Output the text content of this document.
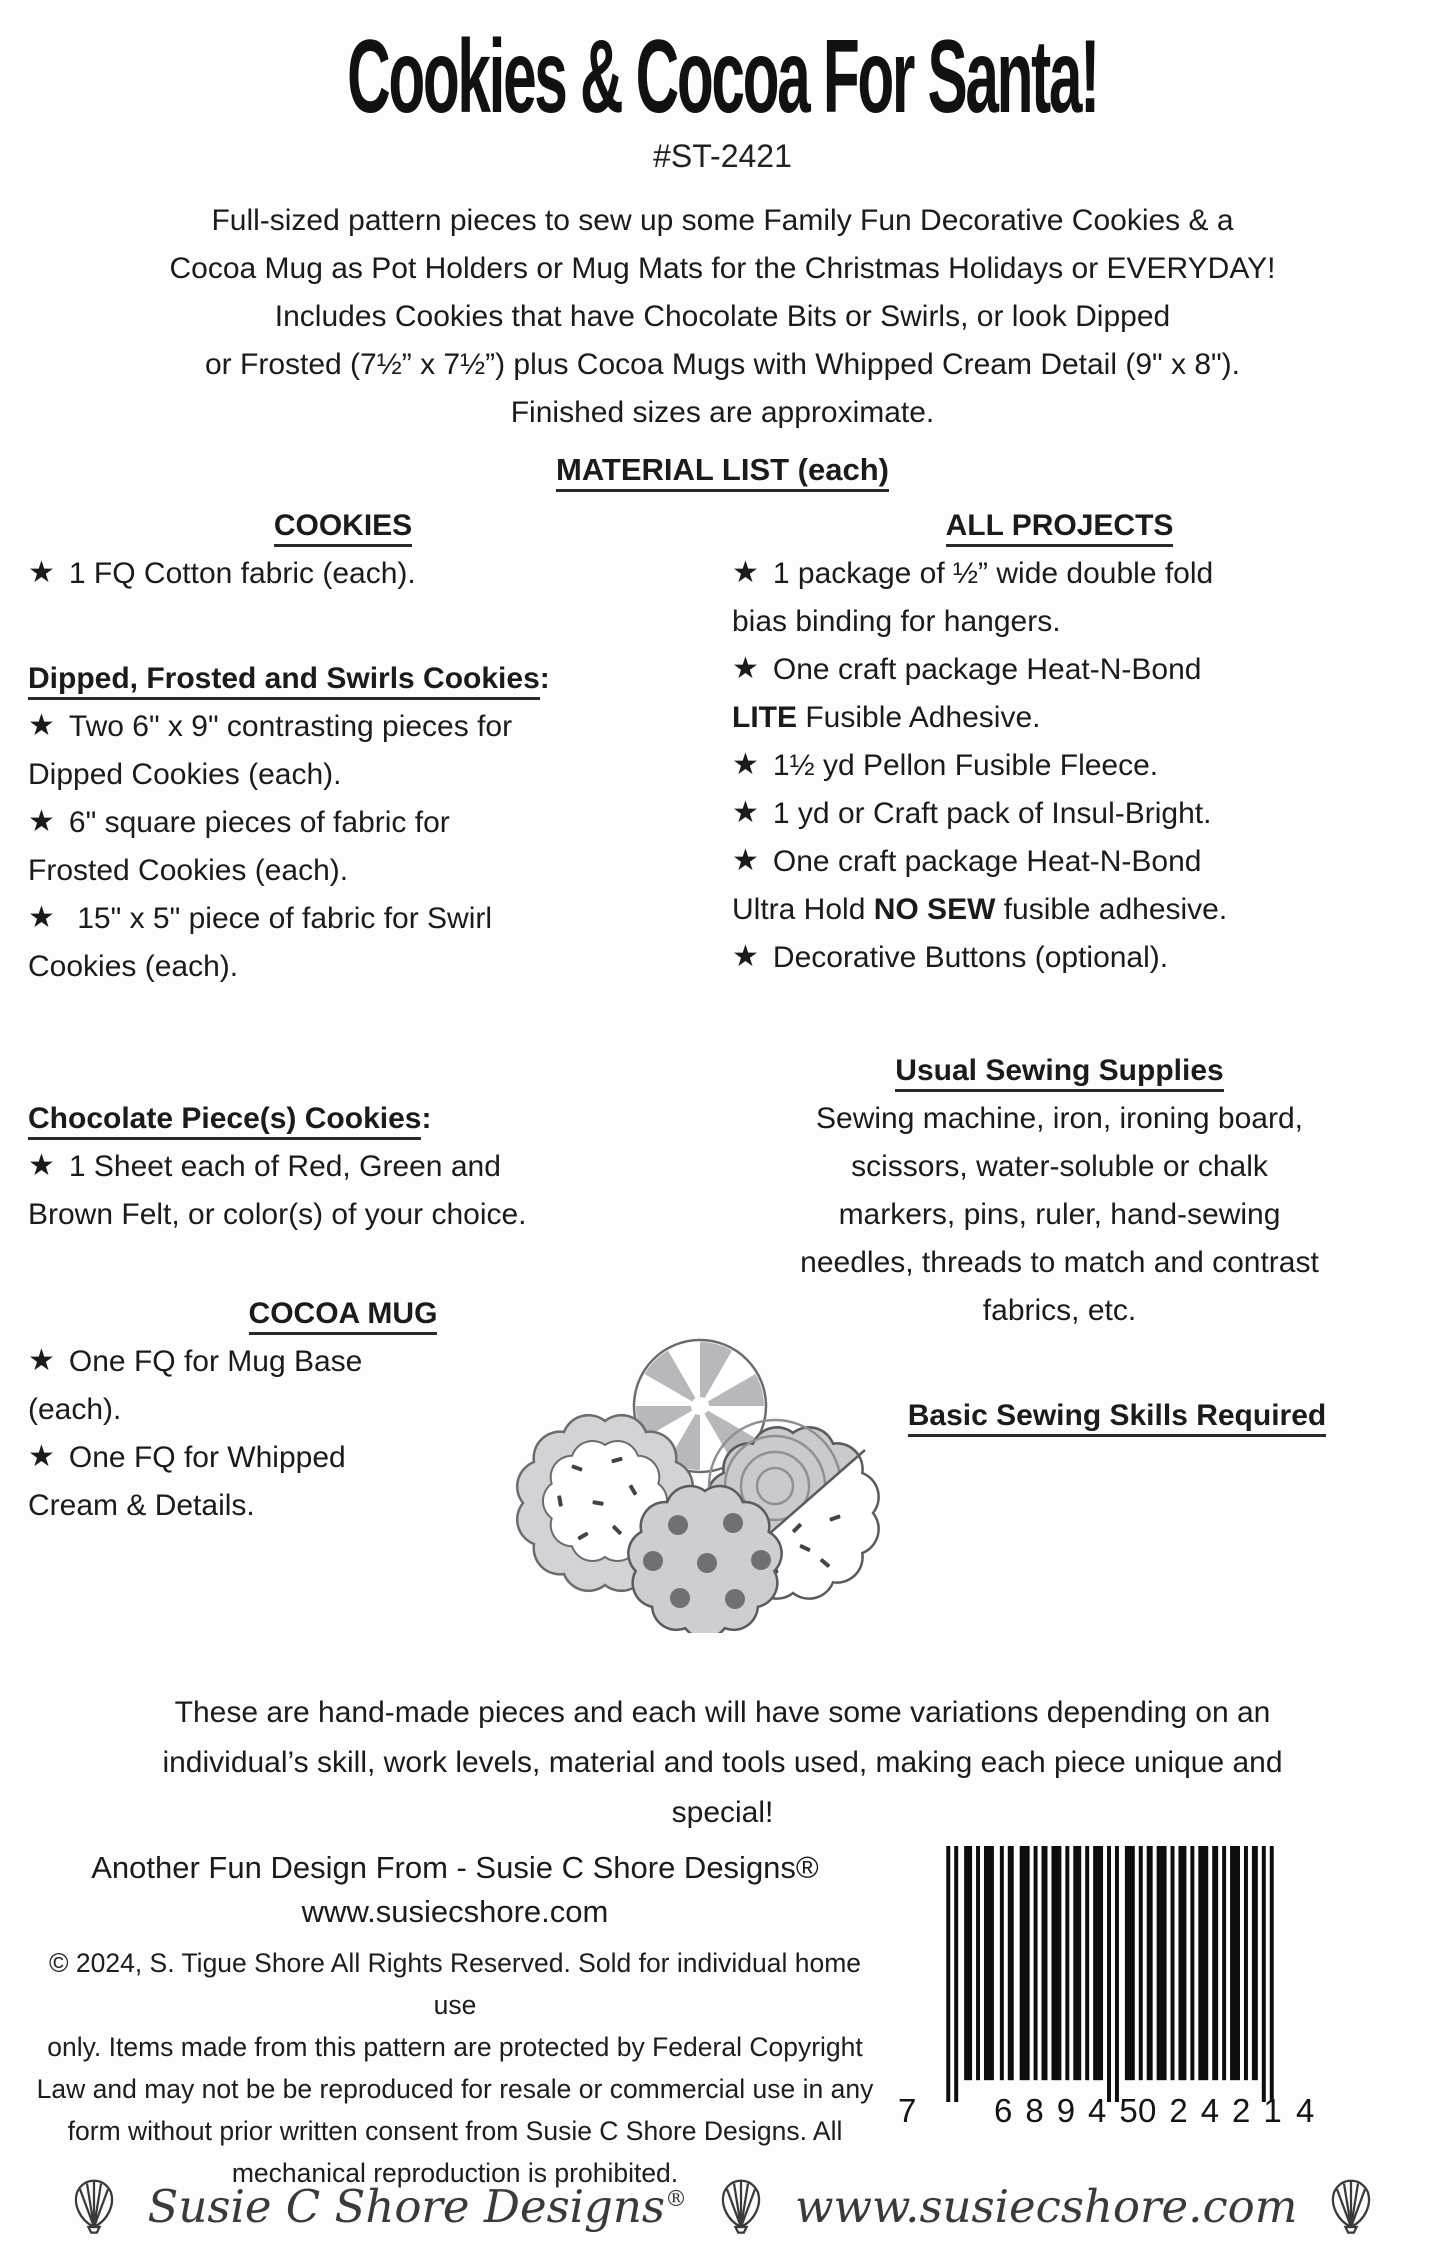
Cookies & Cocoa For Santa!
#ST-2421
Full-sized pattern pieces to sew up some Family Fun Decorative Cookies & a
Cocoa Mug as Pot Holders or Mug Mats for the Christmas Holidays or EVERYDAY!
Includes Cookies that have Chocolate Bits or Swirls, or look Dipped
or Frosted (7½” x 7½”) plus Cocoa Mugs with Whipped Cream Detail (9" x 8").
Finished sizes are approximate.
MATERIAL LIST (each)
COOKIES

★ 1 FQ Cotton fabric (each).

Dipped, Frosted and Swirls Cookies:

★ Two 6" x 9" contrasting pieces for
Dipped Cookies (each).

★ 6" square pieces of fabric for
Frosted Cookies (each).

★ 15" x 5" piece of fabric for Swirl
Cookies (each).

Chocolate Piece(s) Cookies:

★ 1 Sheet each of Red, Green and
Brown Felt, or color(s) of your choice.

COCOA MUG

★ One FQ for Mug Base
(each).

★ One FQ for Whipped
Cream & Details.

ALL PROJECTS

★ 1 package of ½” wide double fold
bias binding for hangers.

★ One craft package Heat-N-Bond
LITE Fusible Adhesive.

★ 1½ yd Pellon Fusible Fleece.

★ 1 yd or Craft pack of Insul-Bright.

★ One craft package Heat-N-Bond
Ultra Hold NO SEW fusible adhesive.

★ Decorative Buttons (optional).

Usual Sewing Supplies
Sewing machine, iron, ironing board,
scissors, water-soluble or chalk
markers, pins, ruler, hand-sewing
needles, threads to match and contrast
fabrics, etc.
Basic Sewing Skills Required
These are hand-made pieces and each will have some variations depending on an
individual’s skill, work levels, material and tools used, making each piece unique and
special!
Another Fun Design From - Susie C Shore Designs®
www.susiecshore.com
© 2024, S. Tigue Shore All Rights Reserved. Sold for individual home use
only. Items made from this pattern are protected by Federal Copyright
Law and may not be be reproduced for resale or commercial use in any
form without prior written consent from Susie C Shore Designs. All
mechanical reproduction is prohibited.
7 68945
02421 4
Susie C Shore Designs® www.susiecshore.com
